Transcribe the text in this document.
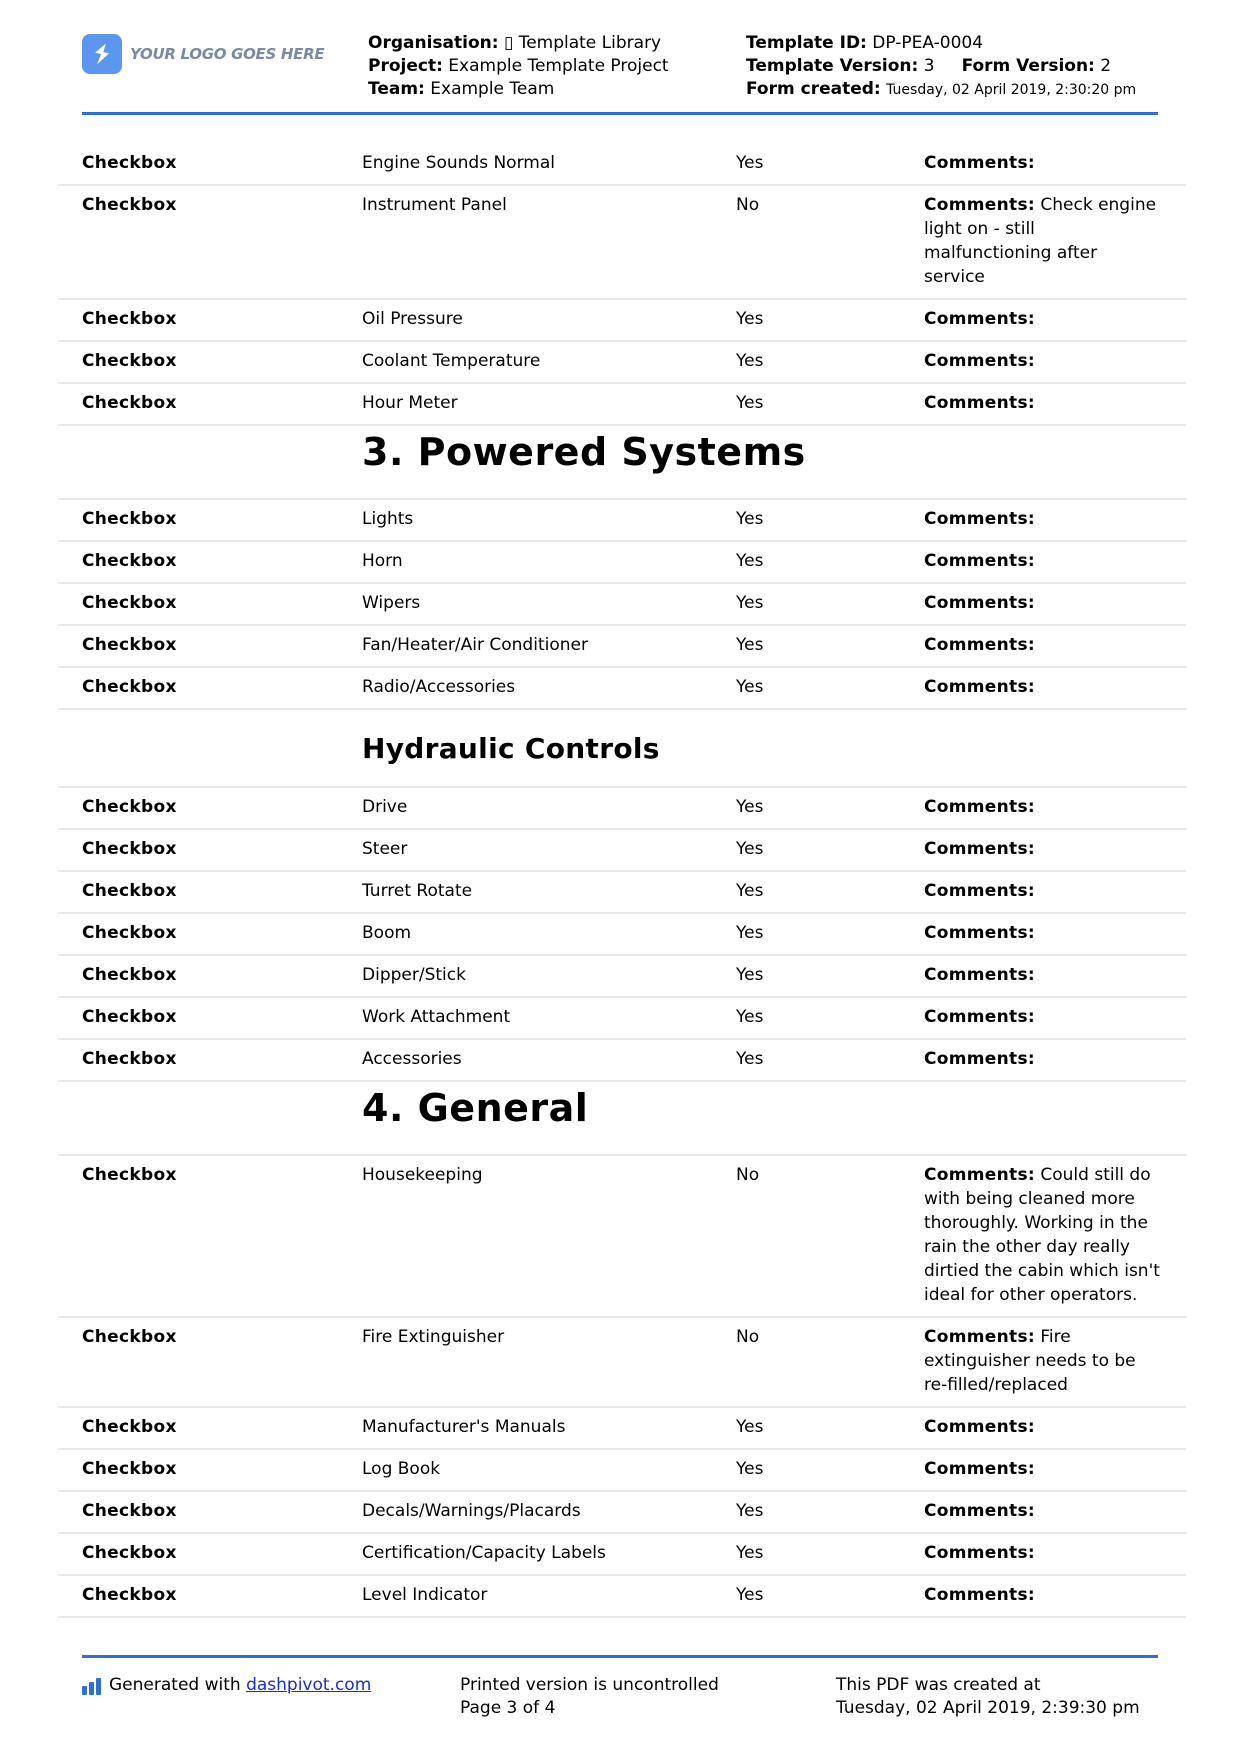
YOUR LOGO GOES HERE
Organisation: ▯ Template Library
Project: Example Template Project
Team: Example Team
Template ID: DP-PEA-0004
Template Version: 3 Form Version: 2
Form created: Tuesday, 02 April 2019, 2:30:20 pm
Checkbox	Engine Sounds Normal	Yes	Comments:
Checkbox	Instrument Panel	No	Comments: Check engine light on - still malfunctioning after service
Checkbox	Oil Pressure	Yes	Comments:
Checkbox	Coolant Temperature	Yes	Comments:
Checkbox	Hour Meter	Yes	Comments:
3. Powered Systems
Checkbox	Lights	Yes	Comments:
Checkbox	Horn	Yes	Comments:
Checkbox	Wipers	Yes	Comments:
Checkbox	Fan/Heater/Air Conditioner	Yes	Comments:
Checkbox	Radio/Accessories	Yes	Comments:
Hydraulic Controls
Checkbox	Drive	Yes	Comments:
Checkbox	Steer	Yes	Comments:
Checkbox	Turret Rotate	Yes	Comments:
Checkbox	Boom	Yes	Comments:
Checkbox	Dipper/Stick	Yes	Comments:
Checkbox	Work Attachment	Yes	Comments:
Checkbox	Accessories	Yes	Comments:
4. General
Checkbox	Housekeeping	No	Comments: Could still do with being cleaned more thoroughly. Working in the rain the other day really dirtied the cabin which isn't ideal for other operators.
Checkbox	Fire Extinguisher	No	Comments: Fire extinguisher needs to be re-filled/replaced
Checkbox	Manufacturer's Manuals	Yes	Comments:
Checkbox	Log Book	Yes	Comments:
Checkbox	Decals/Warnings/Placards	Yes	Comments:
Checkbox	Certification/Capacity Labels	Yes	Comments:
Checkbox	Level Indicator	Yes	Comments:
Generated with
dashpivot.com	Printed version is uncontrolled
Page 3 of 4
This PDF was created at
Tuesday, 02 April 2019, 2:39:30 pm
